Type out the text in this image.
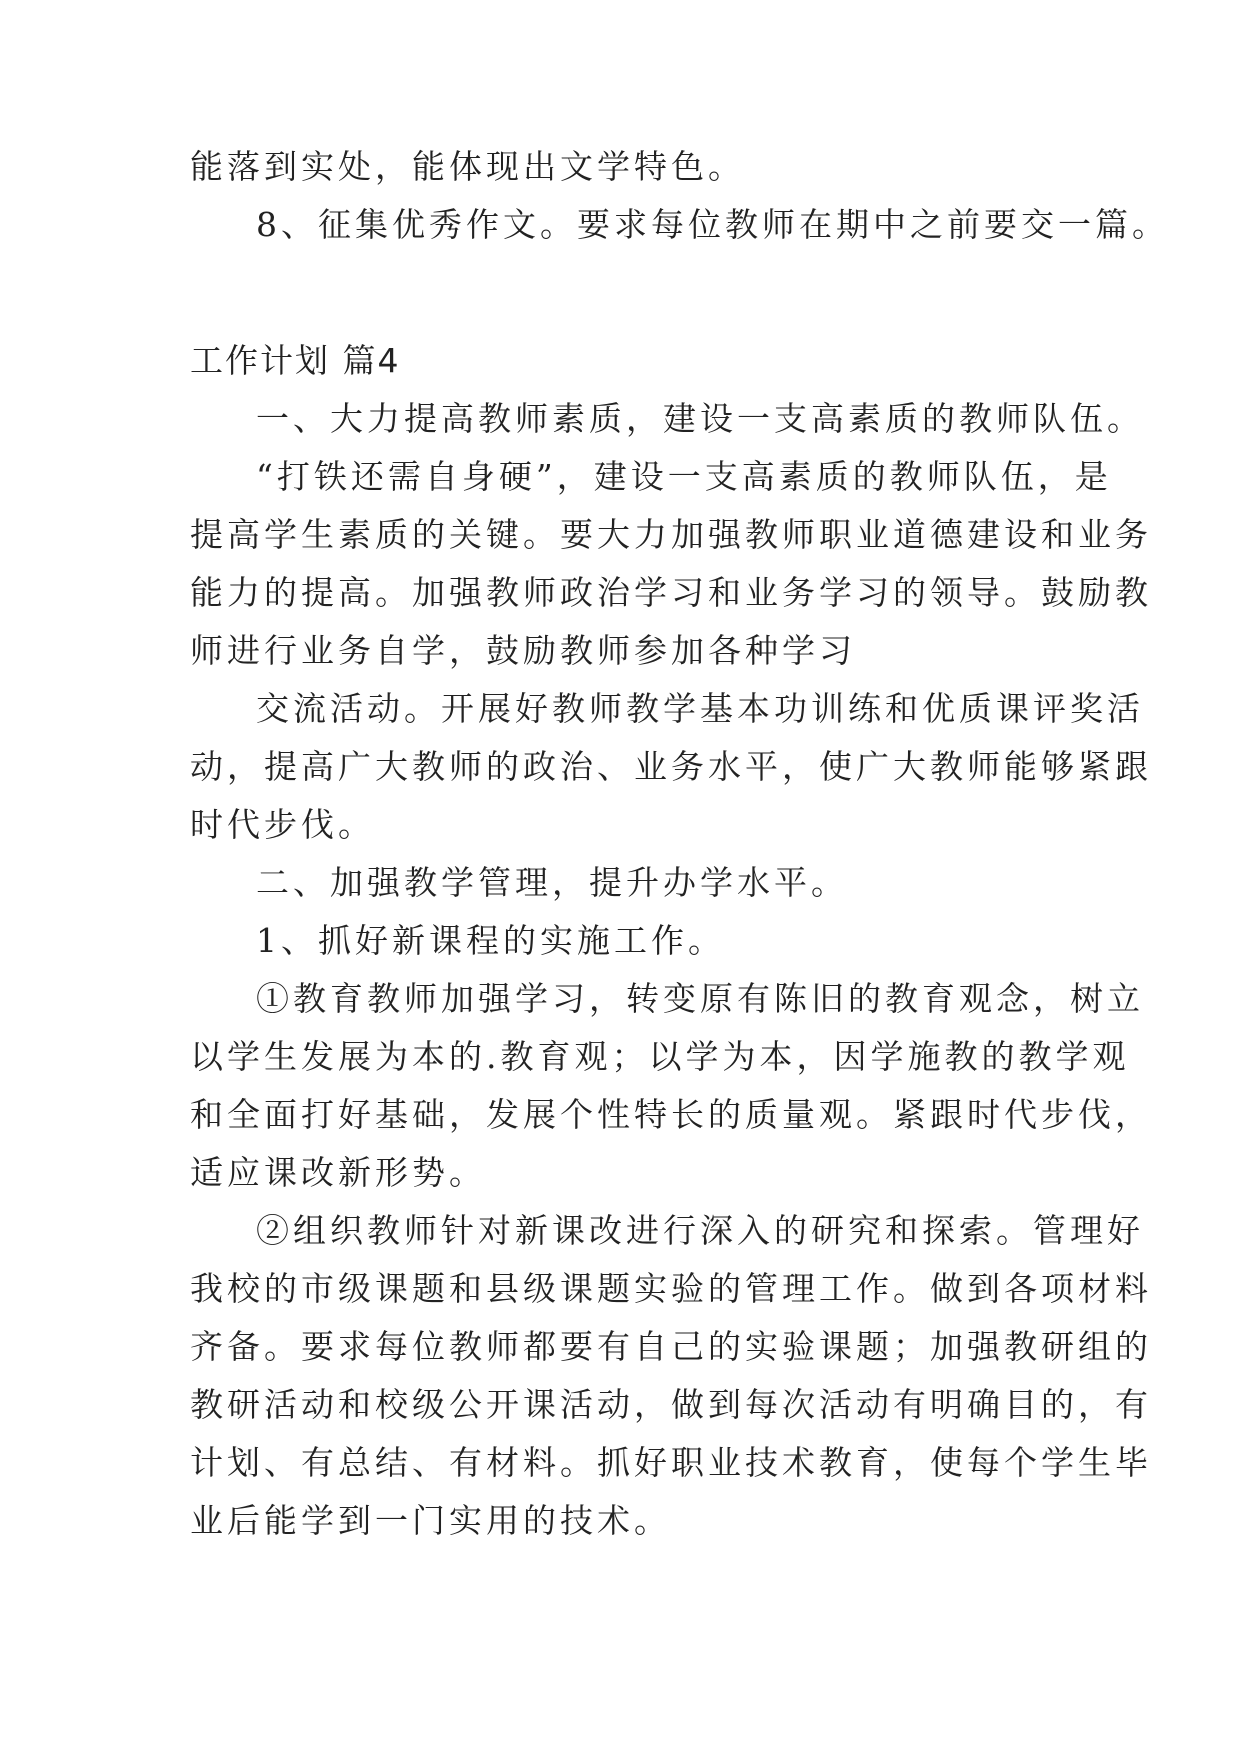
能落到实处，能体现出文学特色。
8、征集优秀作文。要求每位教师在期中之前要交一篇。
工作计划 篇4
一、大力提高教师素质，建设一支高素质的教师队伍。
“打铁还需自身硬”，建设一支高素质的教师队伍，是
提高学生素质的关键。要大力加强教师职业道德建设和业务
能力的提高。加强教师政治学习和业务学习的领导。鼓励教
师进行业务自学，鼓励教师参加各种学习
交流活动。开展好教师教学基本功训练和优质课评奖活
动，提高广大教师的政治、业务水平，使广大教师能够紧跟
时代步伐。
二、加强教学管理，提升办学水平。
1、抓好新课程的实施工作。
①教育教师加强学习，转变原有陈旧的教育观念，树立
以学生发展为本的.教育观；以学为本，因学施教的教学观
和全面打好基础，发展个性特长的质量观。紧跟时代步伐，
适应课改新形势。
②组织教师针对新课改进行深入的研究和探索。管理好
我校的市级课题和县级课题实验的管理工作。做到各项材料
齐备。要求每位教师都要有自己的实验课题；加强教研组的
教研活动和校级公开课活动，做到每次活动有明确目的，有
计划、有总结、有材料。抓好职业技术教育，使每个学生毕
业后能学到一门实用的技术。
